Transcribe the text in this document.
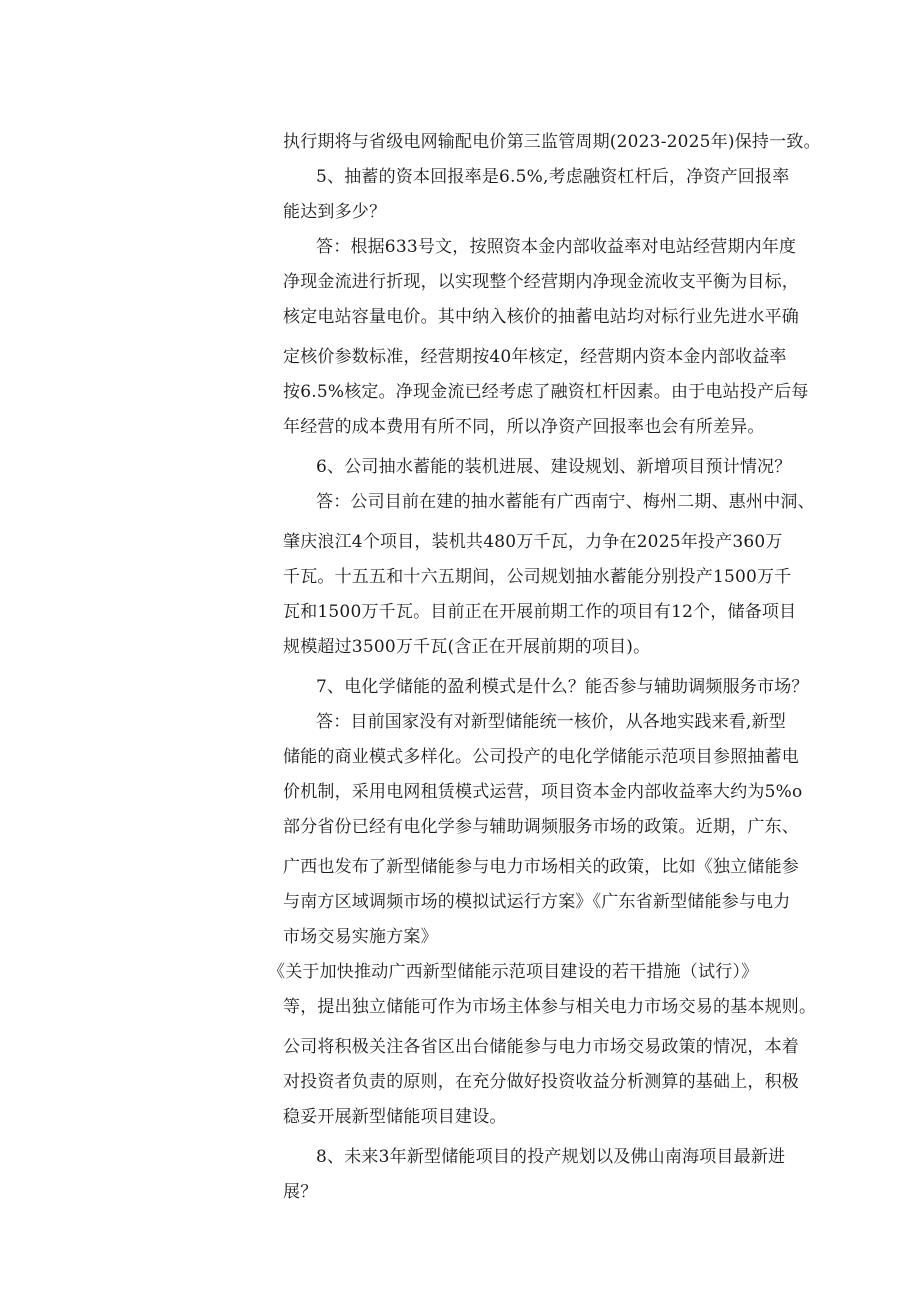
执行期将与省级电网输配电价第三监管周期(2023-2025年)保持一致。
5、抽蓄的资本回报率是6.5%,考虑融资杠杆后，净资产回报率
能达到多少？
答：根据633号文，按照资本金内部收益率对电站经营期内年度
净现金流进行折现，以实现整个经营期内净现金流收支平衡为目标，
核定电站容量电价。其中纳入核价的抽蓄电站均对标行业先进水平确
定核价参数标准，经营期按40年核定，经营期内资本金内部收益率
按6.5%核定。净现金流已经考虑了融资杠杆因素。由于电站投产后每
年经营的成本费用有所不同，所以净资产回报率也会有所差异。
6、公司抽水蓄能的装机进展、建设规划、新增项目预计情况？
答：公司目前在建的抽水蓄能有广西南宁、梅州二期、惠州中洞、
肇庆浪江4个项目，装机共480万千瓦，力争在2025年投产360万
千瓦。十五五和十六五期间，公司规划抽水蓄能分别投产1500万千
瓦和1500万千瓦。目前正在开展前期工作的项目有12个，储备项目
规模超过3500万千瓦(含正在开展前期的项目)。
7、电化学储能的盈利模式是什么？能否参与辅助调频服务市场？
答：目前国家没有对新型储能统一核价，从各地实践来看,新型
储能的商业模式多样化。公司投产的电化学储能示范项目参照抽蓄电
价机制，采用电网租赁模式运营，项目资本金内部收益率大约为5%o
部分省份已经有电化学参与辅助调频服务市场的政策。近期，广东、
广西也发布了新型储能参与电力市场相关的政策，比如《独立储能参
与南方区域调频市场的模拟试运行方案》《广东省新型储能参与电力
市场交易实施方案》
《关于加快推动广西新型储能示范项目建设的若干措施（试行）》
等，提出独立储能可作为市场主体参与相关电力市场交易的基本规则。
公司将积极关注各省区出台储能参与电力市场交易政策的情况，本着
对投资者负责的原则，在充分做好投资收益分析测算的基础上，积极
稳妥开展新型储能项目建设。
8、未来3年新型储能项目的投产规划以及佛山南海项目最新进
展？
